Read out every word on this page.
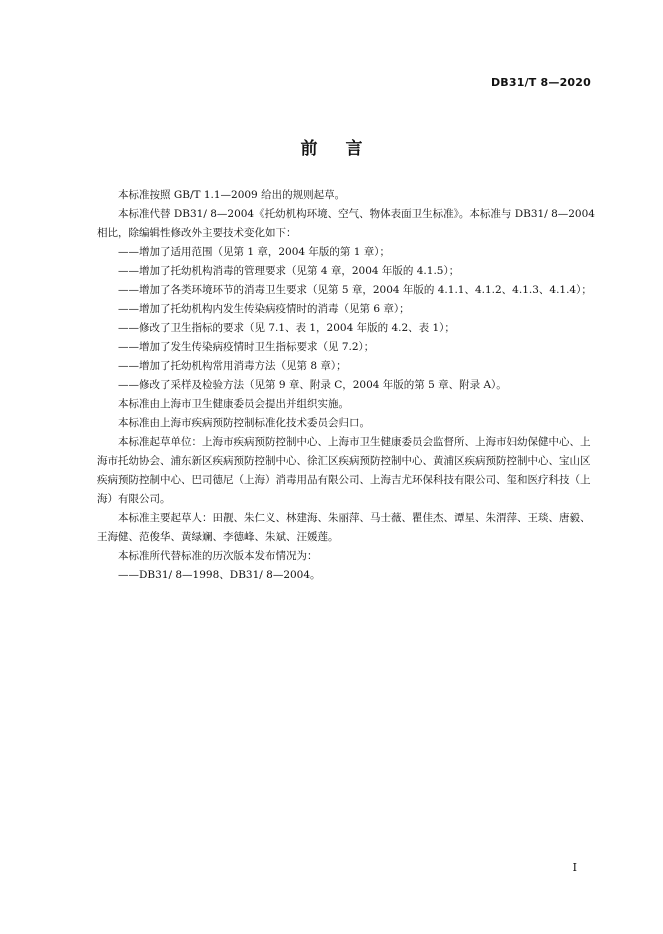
DB31/T 8—2020
前言

本标准按照 GB/T 1.1—2009 给出的规则起草。

本标准代替 DB31/ 8—2004《托幼机构环境、空气、物体表面卫生标准》。本标准与 DB31/ 8—2004 相比，除编辑性修改外主要技术变化如下：

——增加了适用范围（见第 1 章，2004 年版的第 1 章）；

——增加了托幼机构消毒的管理要求（见第 4 章，2004 年版的 4.1.5）；

——增加了各类环境环节的消毒卫生要求（见第 5 章，2004 年版的 4.1.1、4.1.2、4.1.3、4.1.4）；

——增加了托幼机构内发生传染病疫情时的消毒（见第 6 章）；

——修改了卫生指标的要求（见 7.1、表 1，2004 年版的 4.2、表 1）；

——增加了发生传染病疫情时卫生指标要求（见 7.2）；

——增加了托幼机构常用消毒方法（见第 8 章）；

——修改了采样及检验方法（见第 9 章、附录 C，2004 年版的第 5 章、附录 A）。

本标准由上海市卫生健康委员会提出并组织实施。

本标准由上海市疾病预防控制标准化技术委员会归口。

本标准起草单位：上海市疾病预防控制中心、上海市卫生健康委员会监督所、上海市妇幼保健中心、上海市托幼协会、浦东新区疾病预防控制中心、徐汇区疾病预防控制中心、黄浦区疾病预防控制中心、宝山区疾病预防控制中心、巴司德尼（上海）消毒用品有限公司、上海吉尤环保科技有限公司、玺和医疗科技（上海）有限公司。

本标准主要起草人：田靓、朱仁义、林建海、朱丽萍、马士薇、瞿佳杰、谭星、朱渭萍、王琰、唐毅、王海健、范俊华、黄绿斓、李德峰、朱斌、汪媛莲。

本标准所代替标准的历次版本发布情况为：

——DB31/ 8—1998、DB31/ 8—2004。

I
